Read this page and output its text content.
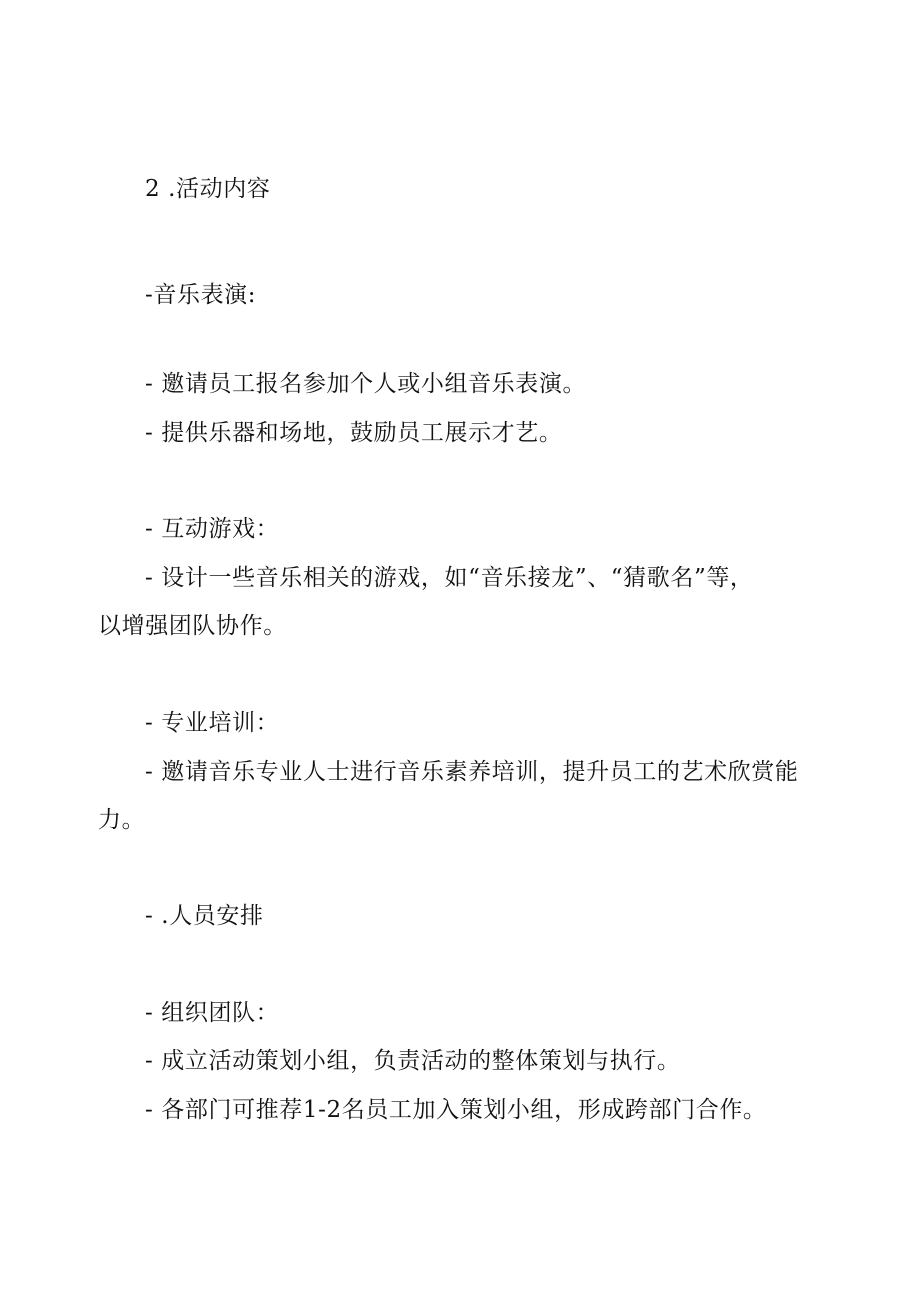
2 .活动内容
-音乐表演:
- 邀请员工报名参加个人或小组音乐表演。
- 提供乐器和场地，鼓励员工展示才艺。
- 互动游戏：
- 设计一些音乐相关的游戏，如“音乐接龙”、“猜歌名”等，
以增强团队协作。
- 专业培训：
- 邀请音乐专业人士进行音乐素养培训，提升员工的艺术欣赏能
力。
- .人员安排
- 组织团队：
- 成立活动策划小组，负责活动的整体策划与执行。
- 各部门可推荐1-2名员工加入策划小组，形成跨部门合作。
